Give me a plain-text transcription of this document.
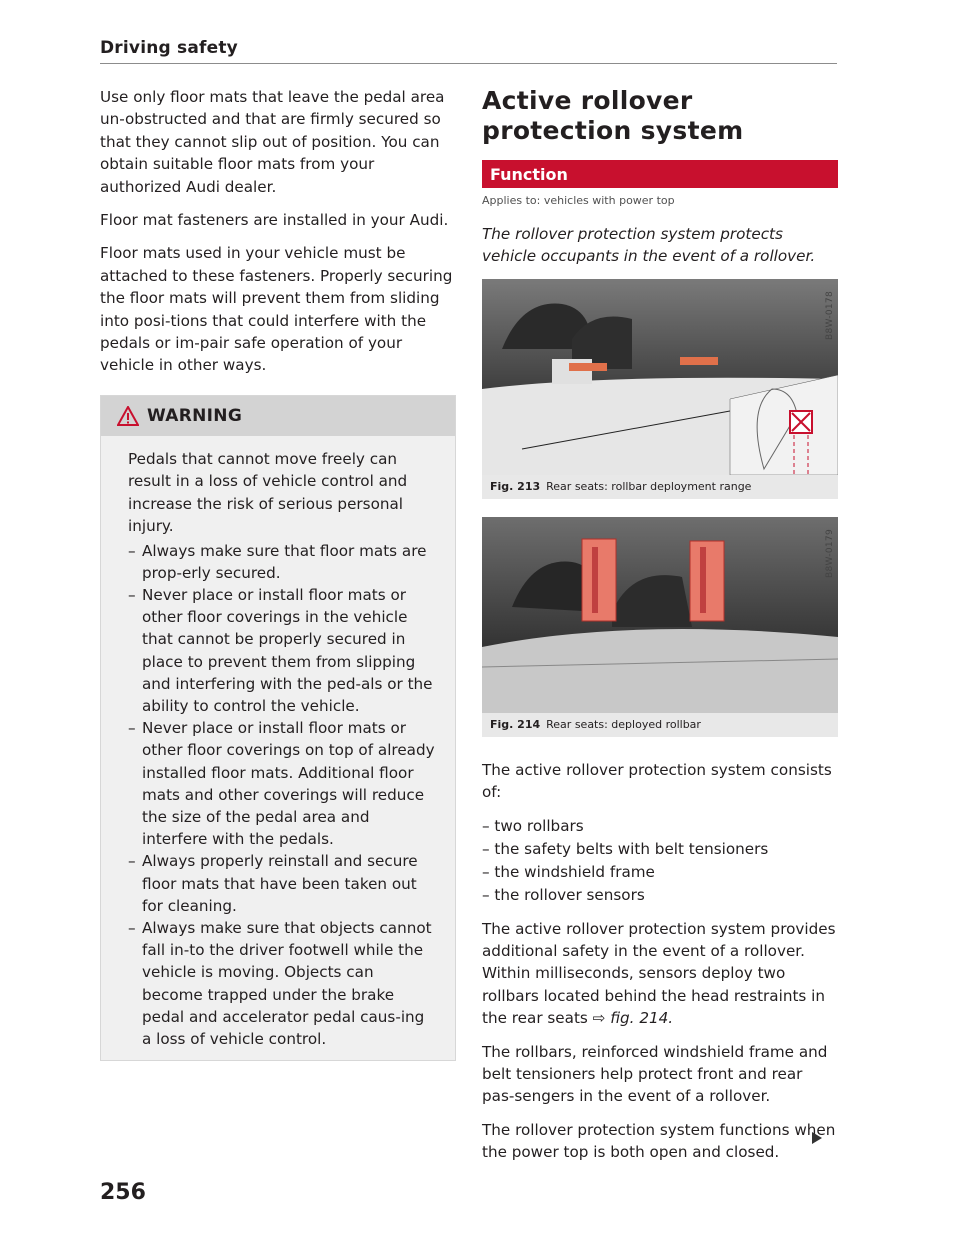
Driving safety

Use only floor mats that leave the pedal area un-obstructed and that are firmly secured so that they cannot slip out of position. You can obtain suitable floor mats from your authorized Audi dealer.

Floor mat fasteners are installed in your Audi.

Floor mats used in your vehicle must be attached to these fasteners. Properly securing the floor mats will prevent them from sliding into posi-tions that could interfere with the pedals or im-pair safe operation of your vehicle in other ways.

WARNING

Pedals that cannot move freely can result in a loss of vehicle control and increase the risk of serious personal injury.

– Always make sure that floor mats are prop-erly secured.
– Never place or install floor mats or other floor coverings in the vehicle that cannot be properly secured in place to prevent them from slipping and interfering with the ped-als or the ability to control the vehicle.
– Never place or install floor mats or other floor coverings on top of already installed floor mats. Additional floor mats and other coverings will reduce the size of the pedal area and interfere with the pedals.
– Always properly reinstall and secure floor mats that have been taken out for cleaning.
– Always make sure that objects cannot fall in-to the driver footwell while the vehicle is moving. Objects can become trapped under the brake pedal and accelerator pedal caus-ing a loss of vehicle control.
Active rollover protection system
Function
Applies to: vehicles with power top

The rollover protection system protects vehicle occupants in the event of a rollover.

B8W-0178
Fig. 213 Rear seats: rollbar deployment range
B8W-0179
Fig. 214 Rear seats: deployed rollbar

The active rollover protection system consists of:

– two rollbars
– the safety belts with belt tensioners
– the windshield frame
– the rollover sensors

The active rollover protection system provides additional safety in the event of a rollover. Within milliseconds, sensors deploy two rollbars located behind the head restraints in the rear seats ⇨ fig. 214.

The rollbars, reinforced windshield frame and belt tensioners help protect front and rear pas-sengers in the event of a rollover.

The rollover protection system functions when the power top is both open and closed.

256
